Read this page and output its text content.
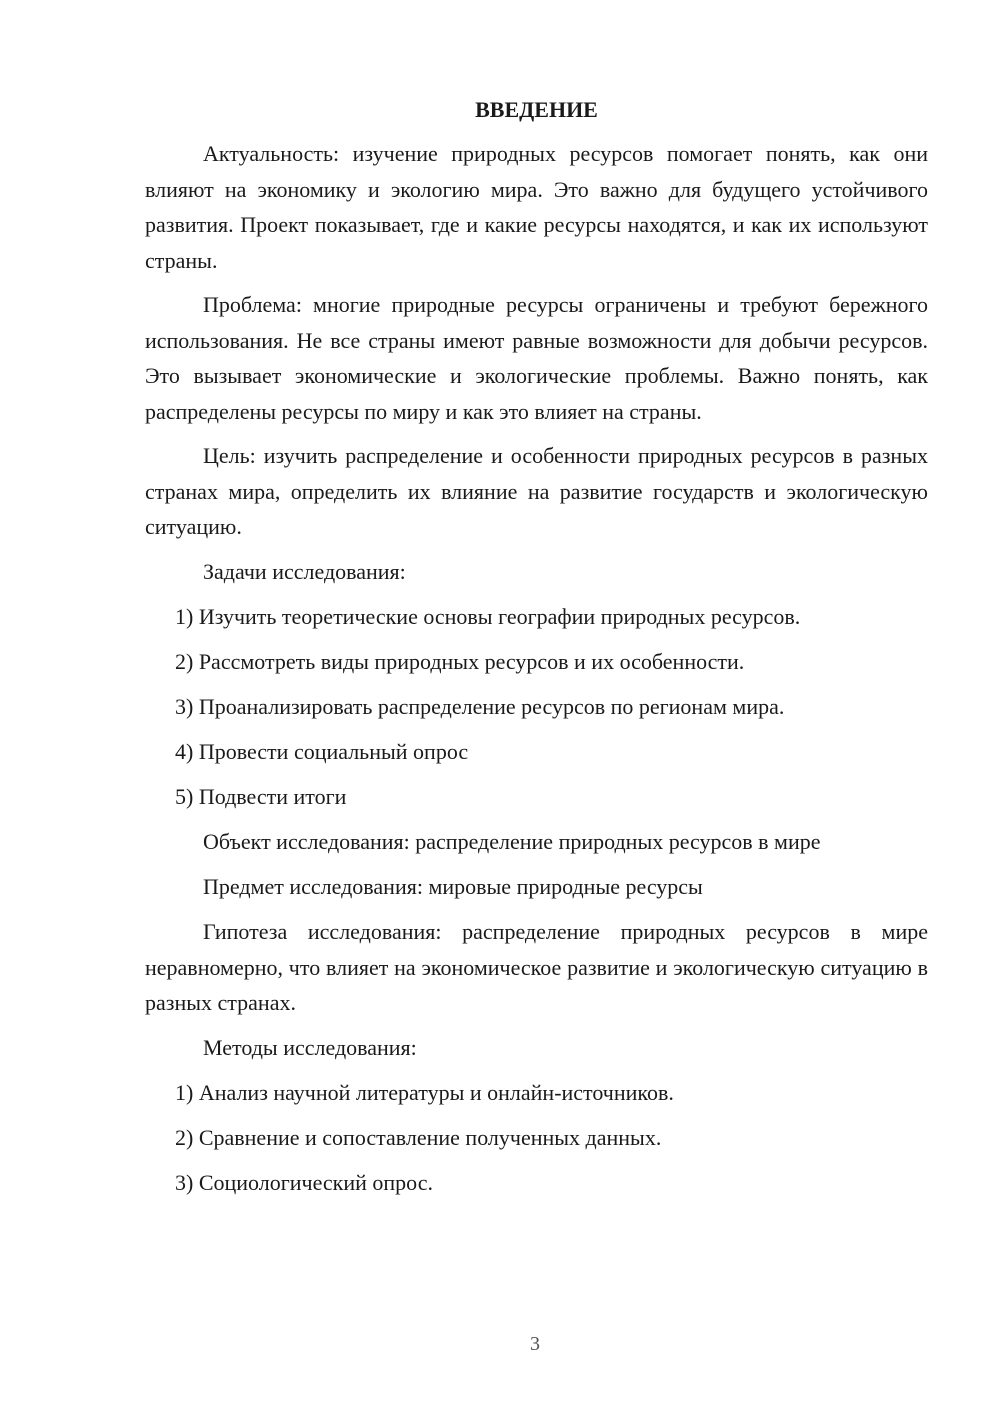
ВВЕДЕНИЕ

Актуальность: изучение природных ресурсов помогает понять, как они влияют на экономику и экологию мира. Это важно для будущего устойчивого развития. Проект показывает, где и какие ресурсы находятся, и как их используют страны.

Проблема: многие природные ресурсы ограничены и требуют бережного использования. Не все страны имеют равные возможности для добычи ресурсов. Это вызывает экономические и экологические проблемы. Важно понять, как распределены ресурсы по миру и как это влияет на страны.

Цель: изучить распределение и особенности природных ресурсов в разных странах мира, определить их влияние на развитие государств и экологическую ситуацию.

Задачи исследования:
1) Изучить теоретические основы географии природных ресурсов.
2) Рассмотреть виды природных ресурсов и их особенности.
3) Проанализировать распределение ресурсов по регионам мира.
4) Провести социальный опрос
5) Подвести итоги
Объект исследования: распределение природных ресурсов в мире
Предмет исследования: мировые природные ресурсы

Гипотеза исследования: распределение природных ресурсов в мире неравномерно, что влияет на экономическое развитие и экологическую ситуацию в разных странах.

Методы исследования:
1) Анализ научной литературы и онлайн-источников.
2) Сравнение и сопоставление полученных данных.
3) Социологический опрос.
3
